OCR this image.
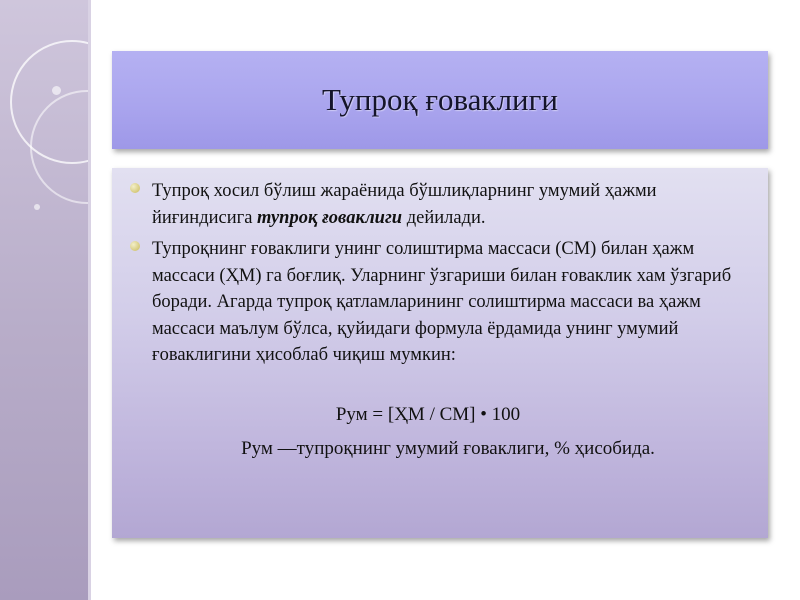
Тупроқ ғоваклиги
Тупроқ хосил бўлиш жараёнида бўшлиқларнинг умумий ҳажми йиғиндисига тупроқ ғоваклиги дейилади.
Тупроқнинг ғоваклиги унинг солиштирма массаси (СМ) билан ҳажм массаси (ҲМ) га боғлиқ. Уларнинг ўзгариши билан ғоваклик хам ўзгариб боради. Агарда тупроқ қатламларининг солиштирма массаси ва ҳажм массаси маълум бўлса, қуйидаги формула ёрдамида унинг умумий ғоваклигини ҳисоблаб чиқиш мумкин:
Рум = [ҲМ / СМ] • 100
Рум —тупроқнинг умумий ғоваклиги, % ҳисобида.
